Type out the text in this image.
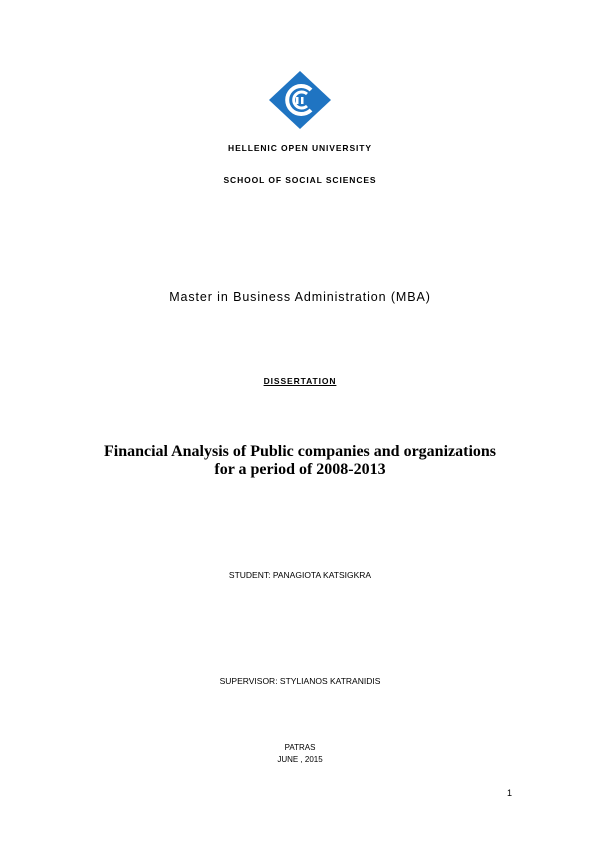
HELLENIC OPEN UNIVERSITY
SCHOOL OF SOCIAL SCIENCES
Master in Business Administration (MBA)
DISSERTATION
Financial Analysis of Public companies and organizations
for a period of 2008-2013
STUDENT: PANAGIOTA KATSIGKRA
SUPERVISOR: STYLIANOS KATRANIDIS
PATRAS
JUNE , 2015
1
